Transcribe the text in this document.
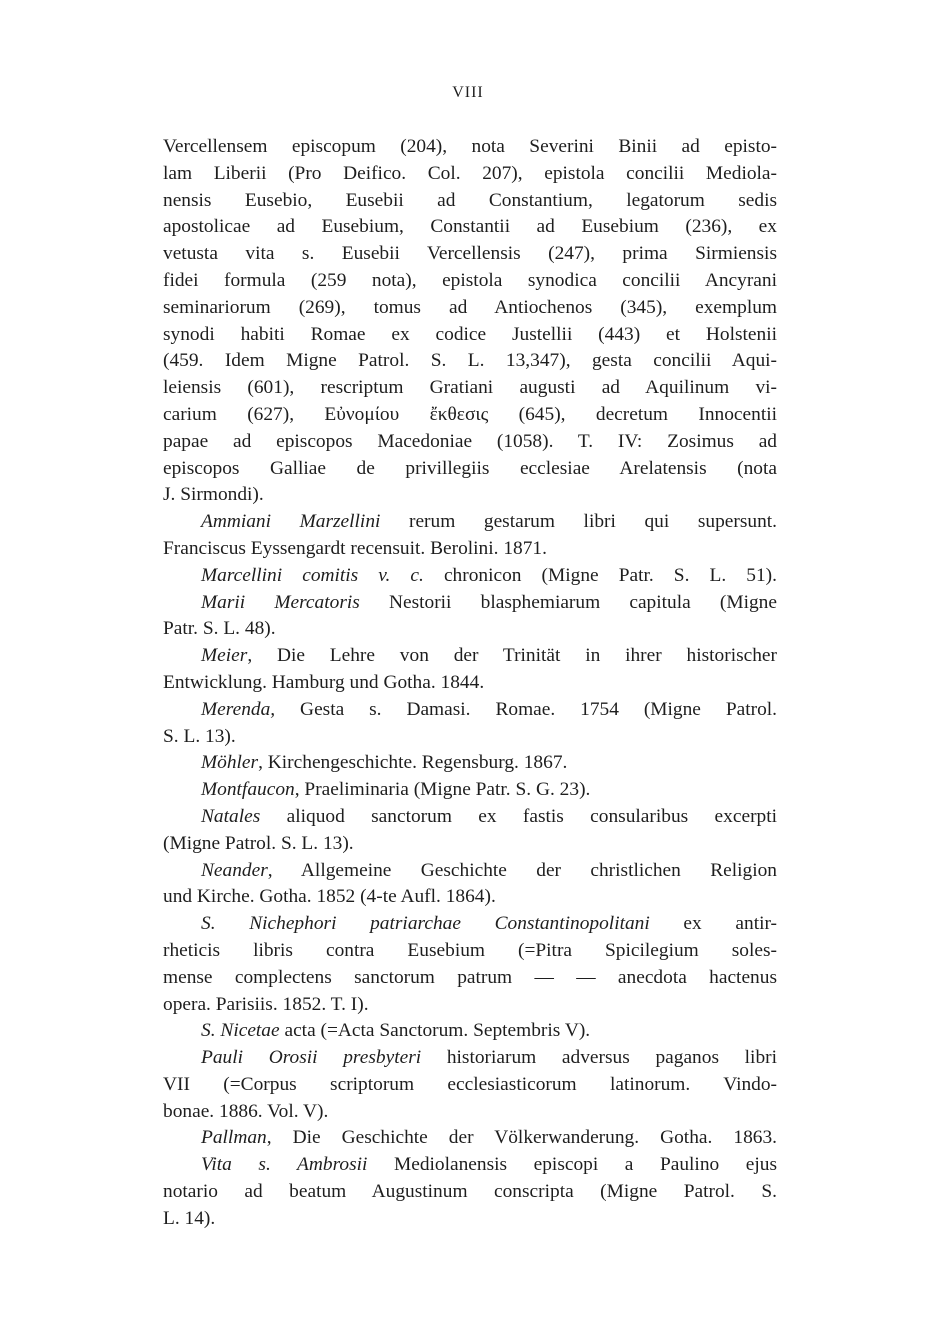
VIII
Vercellensem episcopum (204), nota Severini Binii ad episto-
lam Liberii (Pro Deifico. Col. 207), epistola concilii Mediola-
nensis Eusebio, Eusebii ad Constantium, legatorum sedis
apostolicae ad Eusebium, Constantii ad Eusebium (236), ex
vetusta vita s. Eusebii Vercellensis (247), prima Sirmiensis
fidei formula (259 nota), epistola synodica concilii Ancyrani
seminariorum (269), tomus ad Antiochenos (345), exemplum
synodi habiti Romae ex codice Justellii (443) et Holstenii
(459. Idem Migne Patrol. S. L. 13,347), gesta concilii Aqui-
leiensis (601), rescriptum Gratiani augusti ad Aquilinum vi-
carium (627), Εὐνομίου ἔκθεσις (645), decretum Innocentii
papae ad episcopos Macedoniae (1058). T. IV: Zosimus ad
episcopos Galliae de privillegiis ecclesiae Arelatensis (nota
J. Sirmondi).
Ammiani Marzellini rerum gestarum libri qui supersunt.
Franciscus Eyssengardt recensuit. Berolini. 1871.
Marcellini comitis v. c. chronicon (Migne Patr. S. L. 51).
Marii Mercatoris Nestorii blasphemiarum capitula (Migne
Patr. S. L. 48).
Meier, Die Lehre von der Trinität in ihrer historischer
Entwicklung. Hamburg und Gotha. 1844.
Merenda, Gesta s. Damasi. Romae. 1754 (Migne Patrol.
S. L. 13).
Möhler, Kirchengeschichte. Regensburg. 1867.
Montfaucon, Praeliminaria (Migne Patr. S. G. 23).
Natales aliquod sanctorum ex fastis consularibus excerpti
(Migne Patrol. S. L. 13).
Neander, Allgemeine Geschichte der christlichen Religion
und Kirche. Gotha. 1852 (4-te Aufl. 1864).
S. Nichephori patriarchae Constantinopolitani ex antir-
rheticis libris contra Eusebium (=Pitra Spicilegium soles-
mense complectens sanctorum patrum — — anecdota hactenus
opera. Parisiis. 1852. T. I).
S. Nicetae acta (=Acta Sanctorum. Septembris V).
Pauli Orosii presbyteri historiarum adversus paganos libri
VII (=Corpus scriptorum ecclesiasticorum latinorum. Vindo-
bonae. 1886. Vol. V).
Pallman, Die Geschichte der Völkerwanderung. Gotha. 1863.
Vita s. Ambrosii Mediolanensis episcopi a Paulino ejus
notario ad beatum Augustinum conscripta (Migne Patrol. S.
L. 14).
